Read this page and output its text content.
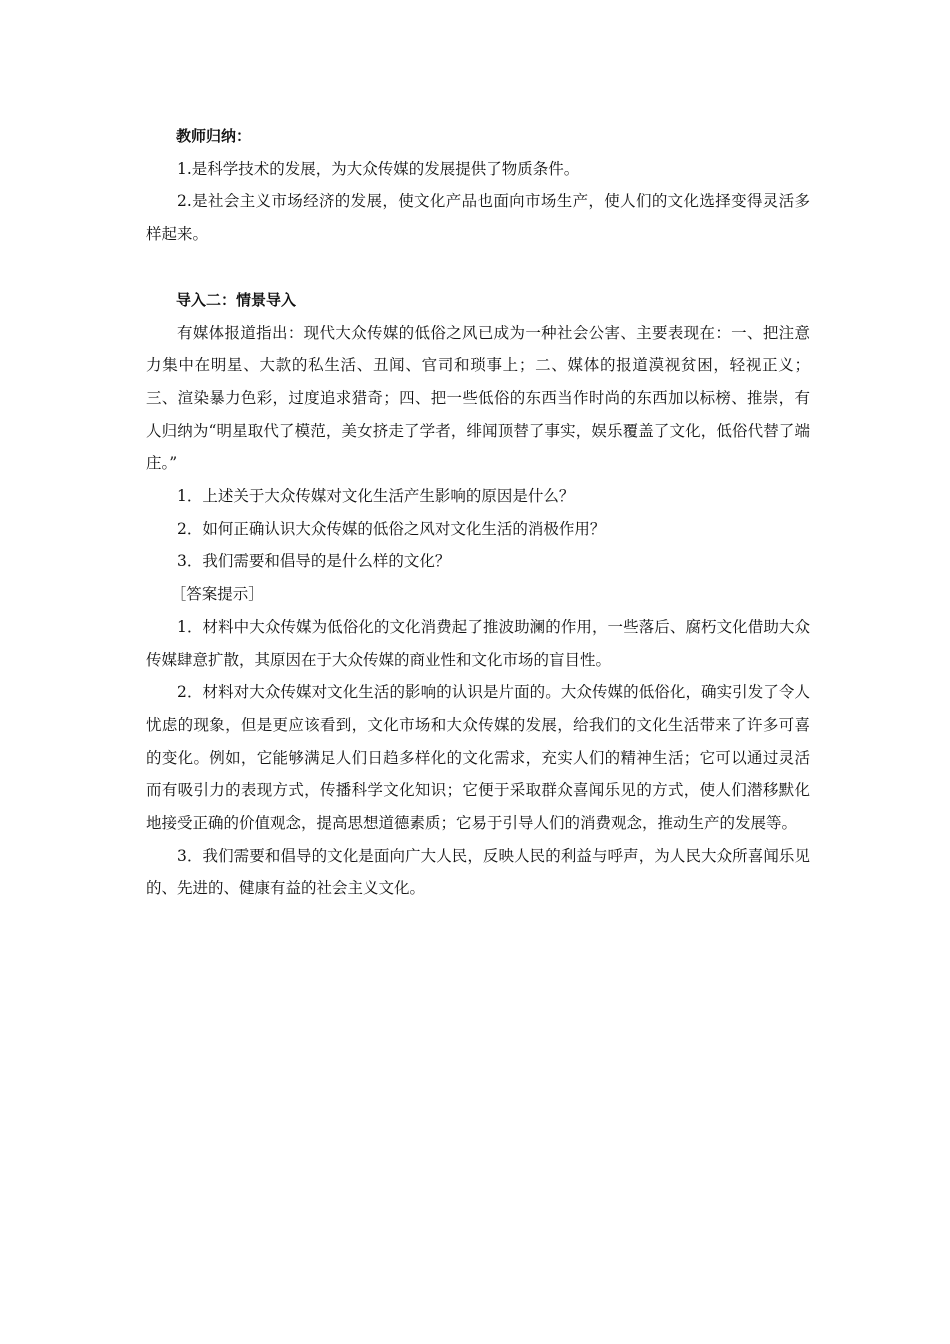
教师归纳：

1.是科学技术的发展，为大众传媒的发展提供了物质条件。

2.是社会主义市场经济的发展，使文化产品也面向市场生产，使人们的文化选择变得灵活多样起来。

导入二：情景导入

有媒体报道指出：现代大众传媒的低俗之风已成为一种社会公害、主要表现在：一、把注意力集中在明星、大款的私生活、丑闻、官司和琐事上；二、媒体的报道漠视贫困，轻视正义；三、渲染暴力色彩，过度追求猎奇；四、把一些低俗的东西当作时尚的东西加以标榜、推崇，有人归纳为“明星取代了模范，美女挤走了学者，绯闻顶替了事实，娱乐覆盖了文化，低俗代替了端庄。”

1．上述关于大众传媒对文化生活产生影响的原因是什么？

2．如何正确认识大众传媒的低俗之风对文化生活的消极作用？

3．我们需要和倡导的是什么样的文化？

［答案提示］

1．材料中大众传媒为低俗化的文化消费起了推波助澜的作用，一些落后、腐朽文化借助大众传媒肆意扩散，其原因在于大众传媒的商业性和文化市场的盲目性。

2．材料对大众传媒对文化生活的影响的认识是片面的。大众传媒的低俗化，确实引发了令人忧虑的现象，但是更应该看到，文化市场和大众传媒的发展，给我们的文化生活带来了许多可喜的变化。例如，它能够满足人们日趋多样化的文化需求，充实人们的精神生活；它可以通过灵活而有吸引力的表现方式，传播科学文化知识；它便于采取群众喜闻乐见的方式，使人们潜移默化地接受正确的价值观念，提高思想道德素质；它易于引导人们的消费观念，推动生产的发展等。

3．我们需要和倡导的文化是面向广大人民，反映人民的利益与呼声，为人民大众所喜闻乐见的、先进的、健康有益的社会主义文化。
